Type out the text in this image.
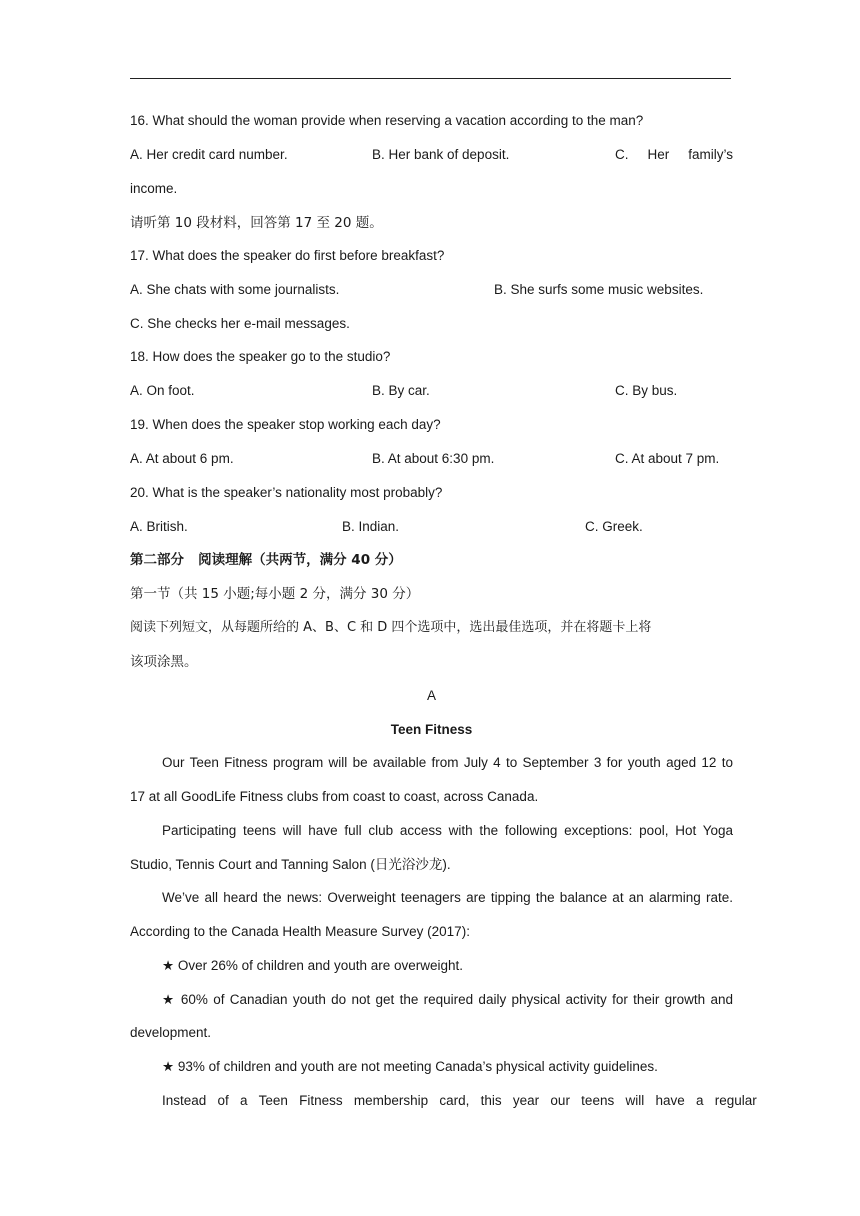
16. What should the woman provide when reserving a vacation according to the man?
A. Her credit card number.	B. Her bank of deposit.	C.     Her     family’s
income.
请听第 10 段材料，回答第 17 至 20 题。
17. What does the speaker do first before breakfast?
A. She chats with some journalists.	B. She surfs some music websites.
C. She checks her e-mail messages.
18. How does the speaker go to the studio?
A. On foot.	B. By car.	C. By bus.
19. When does the speaker stop working each day?
A. At about 6 pm.	B. At about 6:30 pm.	C. At about 7 pm.
20. What is the speaker’s nationality most probably?
A. British.	B. Indian.	C. Greek.
第二部分   阅读理解（共两节，满分 40 分）
第一节（共 15 小题;每小题 2 分，满分 30 分）
阅读下列短文，从每题所给的 A、B、C 和 D 四个选项中，选出最佳选项，并在将题卡上将
该项涂黑。
A
Teen Fitness
Our Teen Fitness program will be available from July 4 to September 3 for youth aged 12 to
17 at all GoodLife Fitness clubs from coast to coast, across Canada.
Participating teens will have full club access with the following exceptions: pool, Hot Yoga
Studio, Tennis Court and Tanning Salon (日光浴沙龙).
We’ve all heard the news: Overweight teenagers are tipping the balance at an alarming rate.
According to the Canada Health Measure Survey (2017):
★ Over 26% of children and youth are overweight.
★ 60% of Canadian youth do not get the required daily physical activity for their growth and
development.
★ 93% of children and youth are not meeting Canada’s physical activity guidelines.
Instead   of   a   Teen   Fitness   membership   card,   this   year   our   teens   will   have   a   regular
